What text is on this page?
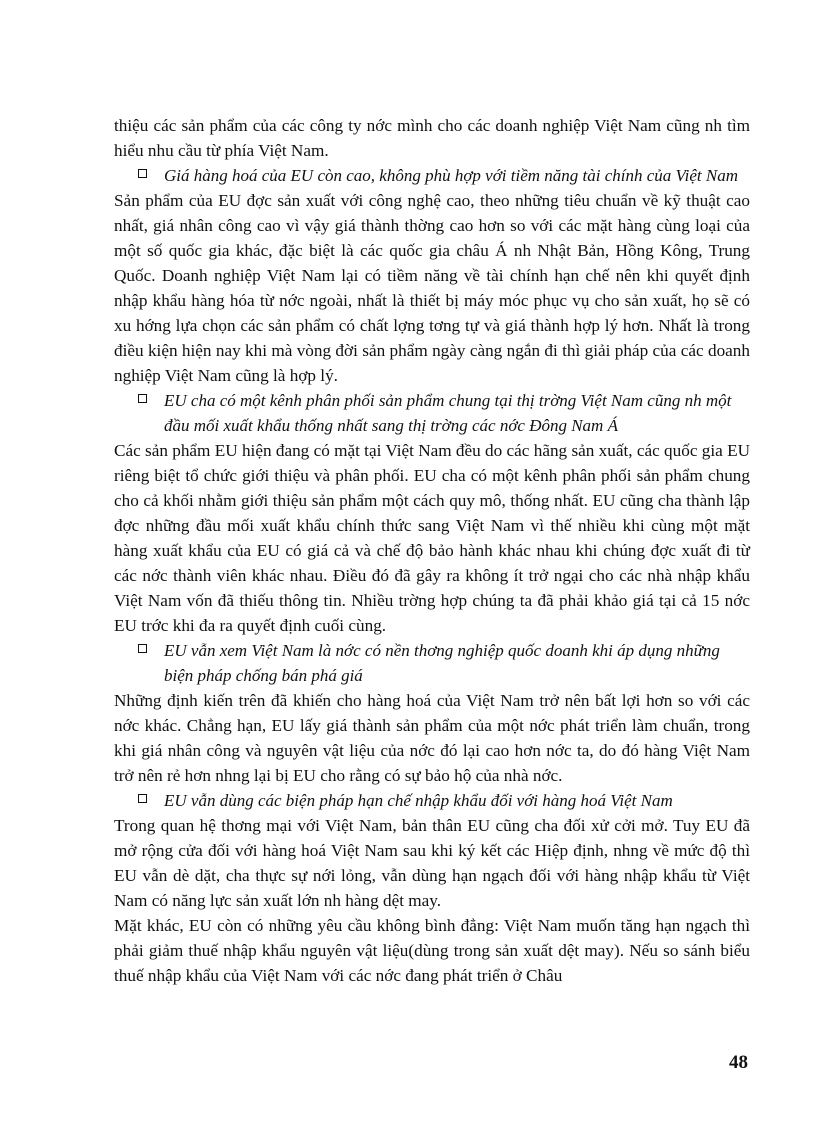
thiệu các sản phẩm của các công ty nớc mình cho các doanh nghiệp Việt Nam cũng nh tìm hiểu nhu cầu từ phía Việt Nam.

Giá hàng hoá của EU còn cao, không phù hợp với tiềm năng tài chính của Việt Nam

Sản phẩm của EU đợc sản xuất với công nghệ cao, theo những tiêu chuẩn về kỹ thuật cao nhất, giá nhân công cao vì vậy giá thành thờng cao hơn so với các mặt hàng cùng loại của một số quốc gia khác, đặc biệt là các quốc gia châu Á nh Nhật Bản, Hồng Kông, Trung Quốc. Doanh nghiệp Việt Nam lại có tiềm năng về tài chính hạn chế nên khi quyết định nhập khẩu hàng hóa từ nớc ngoài, nhất là thiết bị máy móc phục vụ cho sản xuất, họ sẽ có xu hớng lựa chọn các sản phẩm có chất lợng tơng tự và giá thành hợp lý hơn. Nhất là trong điều kiện hiện nay khi mà vòng đời sản phẩm ngày càng ngắn đi thì giải pháp của các doanh nghiệp Việt Nam cũng là hợp lý.

EU cha có một kênh phân phối sản phẩm chung tại thị trờng Việt Nam cũng nh một đầu mối xuất khẩu thống nhất sang thị trờng các nớc Đông Nam Á

Các sản phẩm EU hiện đang có mặt tại Việt Nam đều do các hãng sản xuất, các quốc gia EU riêng biệt tổ chức giới thiệu và phân phối. EU cha có một kênh phân phối sản phẩm chung cho cả khối nhằm giới thiệu sản phẩm một cách quy mô, thống nhất. EU cũng cha thành lập đợc những đầu mối xuất khẩu chính thức sang Việt Nam vì thế nhiều khi cùng một mặt hàng xuất khẩu của EU có giá cả và chế độ bảo hành khác nhau khi chúng đợc xuất đi từ các nớc thành viên khác nhau. Điều đó đã gây ra không ít trở ngại cho các nhà nhập khẩu Việt Nam vốn đã thiếu thông tin. Nhiều trờng hợp chúng ta đã phải khảo giá tại cả 15 nớc EU trớc khi đa ra quyết định cuối cùng.

EU vẫn xem Việt Nam là nớc có nền thơng nghiệp quốc doanh khi áp dụng những biện pháp chống bán phá giá

Những định kiến trên đã khiến cho hàng hoá của Việt Nam trở nên bất lợi hơn so với các nớc khác. Chẳng hạn, EU lấy giá thành sản phẩm của một nớc phát triển làm chuẩn, trong khi giá nhân công và nguyên vật liệu của nớc đó lại cao hơn nớc ta, do đó hàng Việt Nam trở nên rẻ hơn nhng lại bị EU cho rằng có sự bảo hộ của nhà nớc.

EU vẫn dùng các biện pháp hạn chế nhập khẩu đối với hàng hoá Việt Nam

Trong quan hệ thơng mại với Việt Nam, bản thân EU cũng cha đối xử cởi mở. Tuy EU đã mở rộng cửa đối với hàng hoá Việt Nam sau khi ký kết các Hiệp định, nhng về mức độ thì EU vẫn dè dặt, cha thực sự nới lỏng, vẫn dùng hạn ngạch đối với hàng nhập khẩu từ Việt Nam có năng lực sản xuất lớn nh hàng dệt may.

Mặt khác, EU còn có những yêu cầu không bình đẳng: Việt Nam muốn tăng hạn ngạch thì phải giảm thuế nhập khẩu nguyên vật liệu(dùng trong sản xuất dệt may). Nếu so sánh biểu thuế nhập khẩu của Việt Nam với các nớc đang phát triển ở Châu

48
